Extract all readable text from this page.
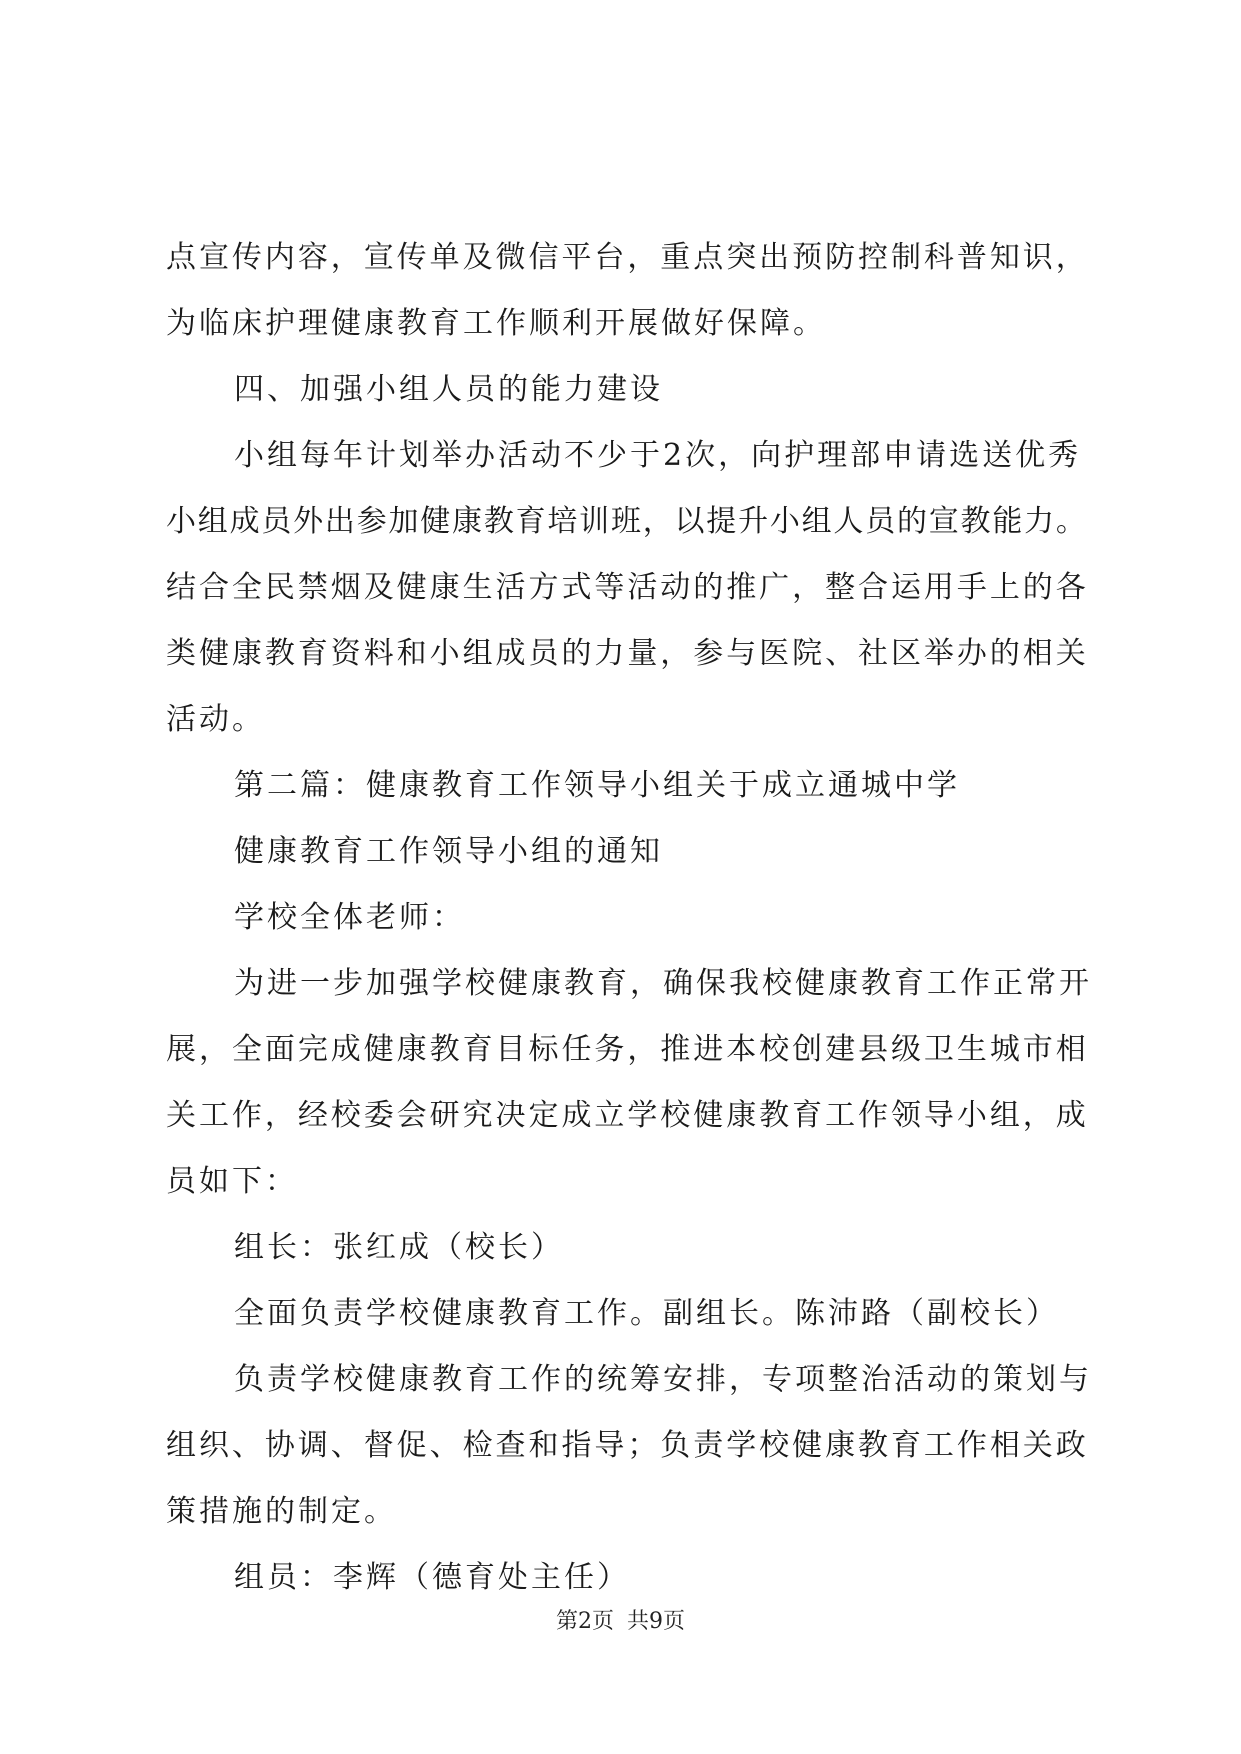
点 宣 传 内 容 ， 宣 传 单 及 微 信 平 台 ， 重 点 突 出 预 防 控 制 科 普 知 识 ，
为临床护理健康教育工作顺利开展做好保障。
四、加强小组人员的能力建设
小组每年计划举办活动不少于2次，向护理部申请选送优秀
小 组 成 员 外 出 参 加 健 康 教 育 培 训 班 ， 以 提 升 小 组 人 员 的 宣 教 能 力 。
结 合 全 民 禁 烟 及 健 康 生 活 方 式 等 活 动 的 推 广 ， 整 合 运 用 手 上 的 各
类 健 康 教 育 资 料 和 小 组 成 员 的 力 量 ， 参 与 医 院 、 社 区 举 办 的 相 关
活动。
第二篇：健康教育工作领导小组关于成立通城中学
健康教育工作领导小组的通知
学校全体老师：
为进一步加强学校健康教育，确保我校健康教育工作正常开
展 ， 全 面 完 成 健 康 教 育 目 标 任 务 ， 推 进 本 校 创 建 县 级 卫 生 城 市 相
关 工 作 ， 经 校 委 会 研 究 决 定 成 立 学 校 健 康 教 育 工 作 领 导 小 组 ， 成
员如下：
组长：张红成（校长）
全面负责学校健康教育工作。副组长。陈沛路（副校长）
负责学校健康教育工作的统筹安排，专项整治活动的策划与
组 织 、 协 调 、 督 促 、 检 查 和 指 导 ； 负 责 学 校 健 康 教 育 工 作 相 关 政
策措施的制定。
组员：李辉（德育处主任）
第2页 共9页
